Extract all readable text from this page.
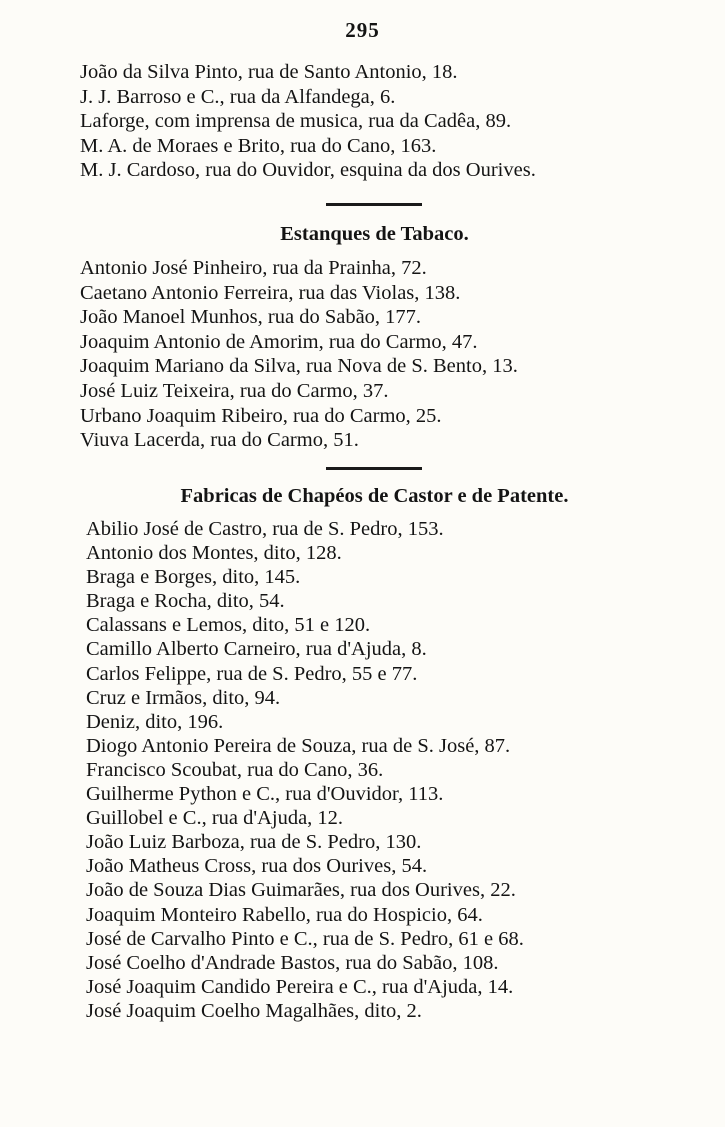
295
João da Silva Pinto, rua de Santo Antonio, 18.
J. J. Barroso e C., rua da Alfandega, 6.
Laforge, com imprensa de musica, rua da Cadêa, 89.
M. A. de Moraes e Brito, rua do Cano, 163.
M. J. Cardoso, rua do Ouvidor, esquina da dos Ourives.
Estanques de Tabaco.
Antonio José Pinheiro, rua da Prainha, 72.
Caetano Antonio Ferreira, rua das Violas, 138.
João Manoel Munhos, rua do Sabão, 177.
Joaquim Antonio de Amorim, rua do Carmo, 47.
Joaquim Mariano da Silva, rua Nova de S. Bento, 13.
José Luiz Teixeira, rua do Carmo, 37.
Urbano Joaquim Ribeiro, rua do Carmo, 25.
Viuva Lacerda, rua do Carmo, 51.
Fabricas de Chapéos de Castor e de Patente.
Abilio José de Castro, rua de S. Pedro, 153.
Antonio dos Montes, dito, 128.
Braga e Borges, dito, 145.
Braga e Rocha, dito, 54.
Calassans e Lemos, dito, 51 e 120.
Camillo Alberto Carneiro, rua d'Ajuda, 8.
Carlos Felippe, rua de S. Pedro, 55 e 77.
Cruz e Irmãos, dito, 94.
Deniz, dito, 196.
Diogo Antonio Pereira de Souza, rua de S. José, 87.
Francisco Scoubat, rua do Cano, 36.
Guilherme Python e C., rua d'Ouvidor, 113.
Guillobel e C., rua d'Ajuda, 12.
João Luiz Barboza, rua de S. Pedro, 130.
João Matheus Cross, rua dos Ourives, 54.
João de Souza Dias Guimarães, rua dos Ourives, 22.
Joaquim Monteiro Rabello, rua do Hospicio, 64.
José de Carvalho Pinto e C., rua de S. Pedro, 61 e 68.
José Coelho d'Andrade Bastos, rua do Sabão, 108.
José Joaquim Candido Pereira e C., rua d'Ajuda, 14.
José Joaquim Coelho Magalhães, dito, 2.
